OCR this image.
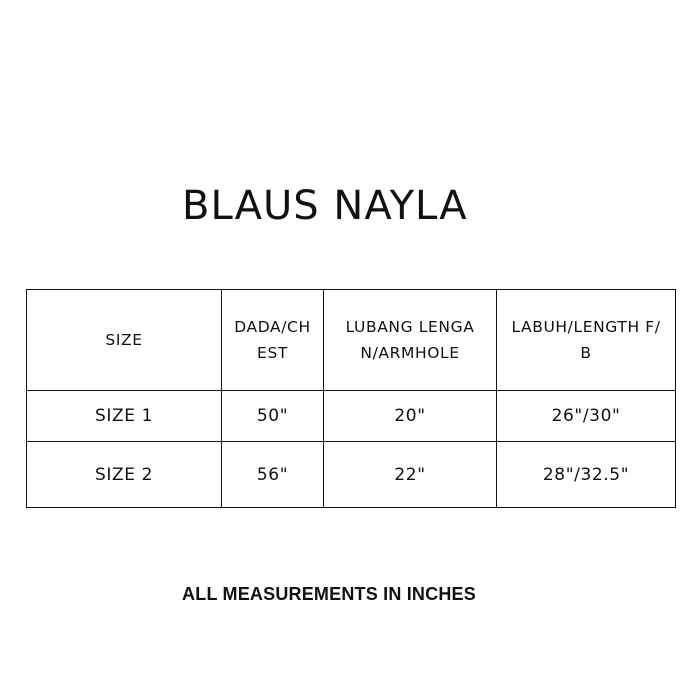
BLAUS NAYLA
SIZE	DADA/CHEST	LUBANG LENGAN/ARMHOLE	LABUH/LENGTH F/B
SIZE 1	50"	20"	26"/30"
SIZE 2	56"	22"	28"/32.5"
ALL MEASUREMENTS IN INCHES
